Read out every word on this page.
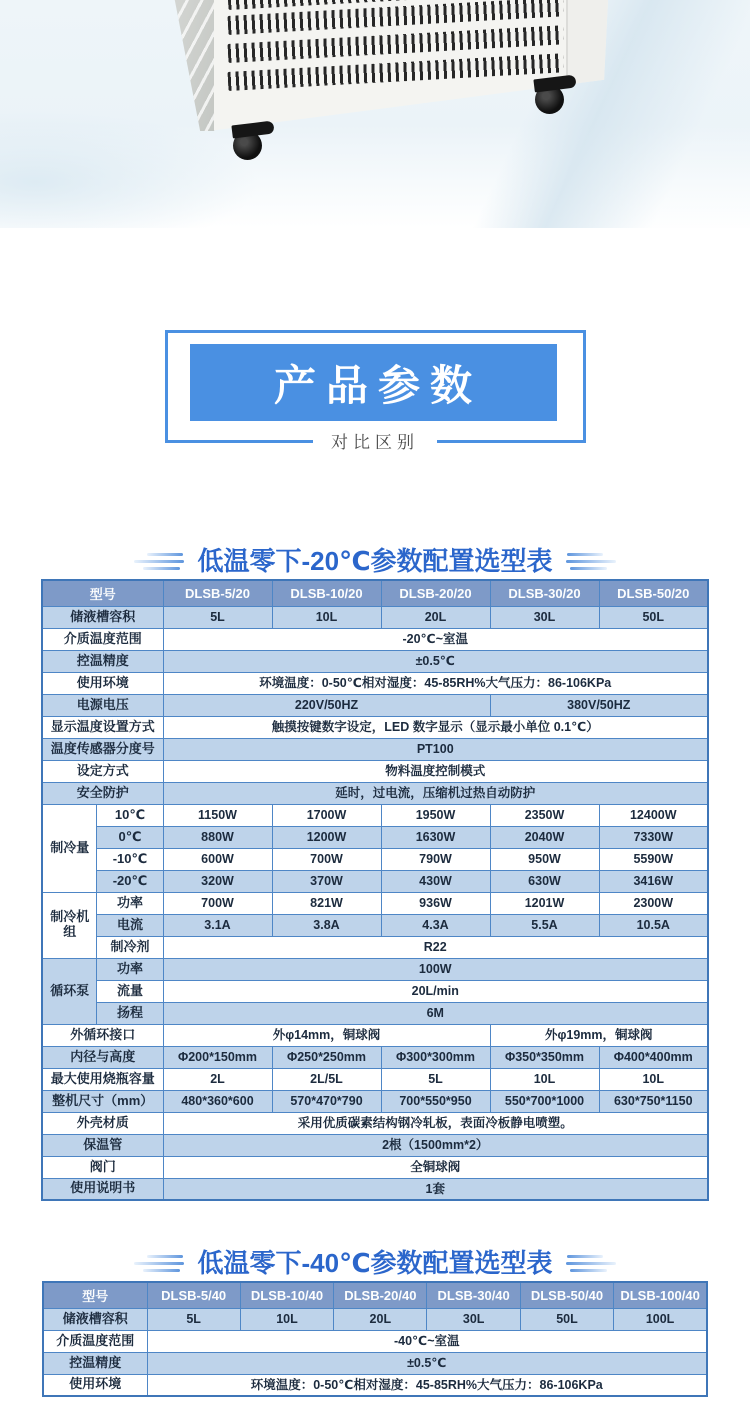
产品参数
对比区别
低温零下-20℃参数配置选型表
型号		DLSB-5/20	DLSB-10/20	DLSB-20/20	DLSB-30/20	DLSB-50/20
储液槽容积		5L	10L	20L	30L	50L
介质温度范围		-20℃~室温				
控温精度		±0.5℃				
使用环境		环境温度：0-50℃相对湿度：45-85RH%大气压力：86-106KPa				
电源电压		220V/50HZ			380V/50HZ	
显示温度设置方式		触摸按键数字设定，LED 数字显示（显示最小单位 0.1℃）				
温度传感器分度号		PT100				
设定方式		物料温度控制模式				
安全防护		延时，过电流，压缩机过热自动防护				
制冷量	10℃	1150W	1700W	1950W	2350W	12400W
	0℃	880W	1200W	1630W	2040W	7330W
	-10℃	600W	700W	790W	950W	5590W
	-20℃	320W	370W	430W	630W	3416W
制冷机组	功率	700W	821W	936W	1201W	2300W
	电流	3.1A	3.8A	4.3A	5.5A	10.5A
	制冷剂	R22				
循环泵	功率	100W				
	流量	20L/min				
	扬程	6M				
外循环接口		外φ14mm，铜球阀			外φ19mm，铜球阀	
内径与高度		Φ200*150mm	Φ250*250mm	Φ300*300mm	Φ350*350mm	Φ400*400mm
最大使用烧瓶容量		2L	2L/5L	5L	10L	10L
整机尺寸（mm）		480*360*600	570*470*790	700*550*950	550*700*1000	630*750*1150
外壳材质		采用优质碳素结构钢冷轧板，表面冷板静电喷塑。				
保温管		2根（1500mm*2）				
阀门		全铜球阀				
使用说明书		1套				
低温零下-40℃参数配置选型表
型号	DLSB-5/40	DLSB-10/40	DLSB-20/40	DLSB-30/40	DLSB-50/40	DLSB-100/40
储液槽容积	5L	10L	20L	30L	50L	100L
介质温度范围	-40℃~室温					
控温精度	±0.5℃					
使用环境	环境温度：0-50℃相对湿度：45-85RH%大气压力：86-106KPa					
